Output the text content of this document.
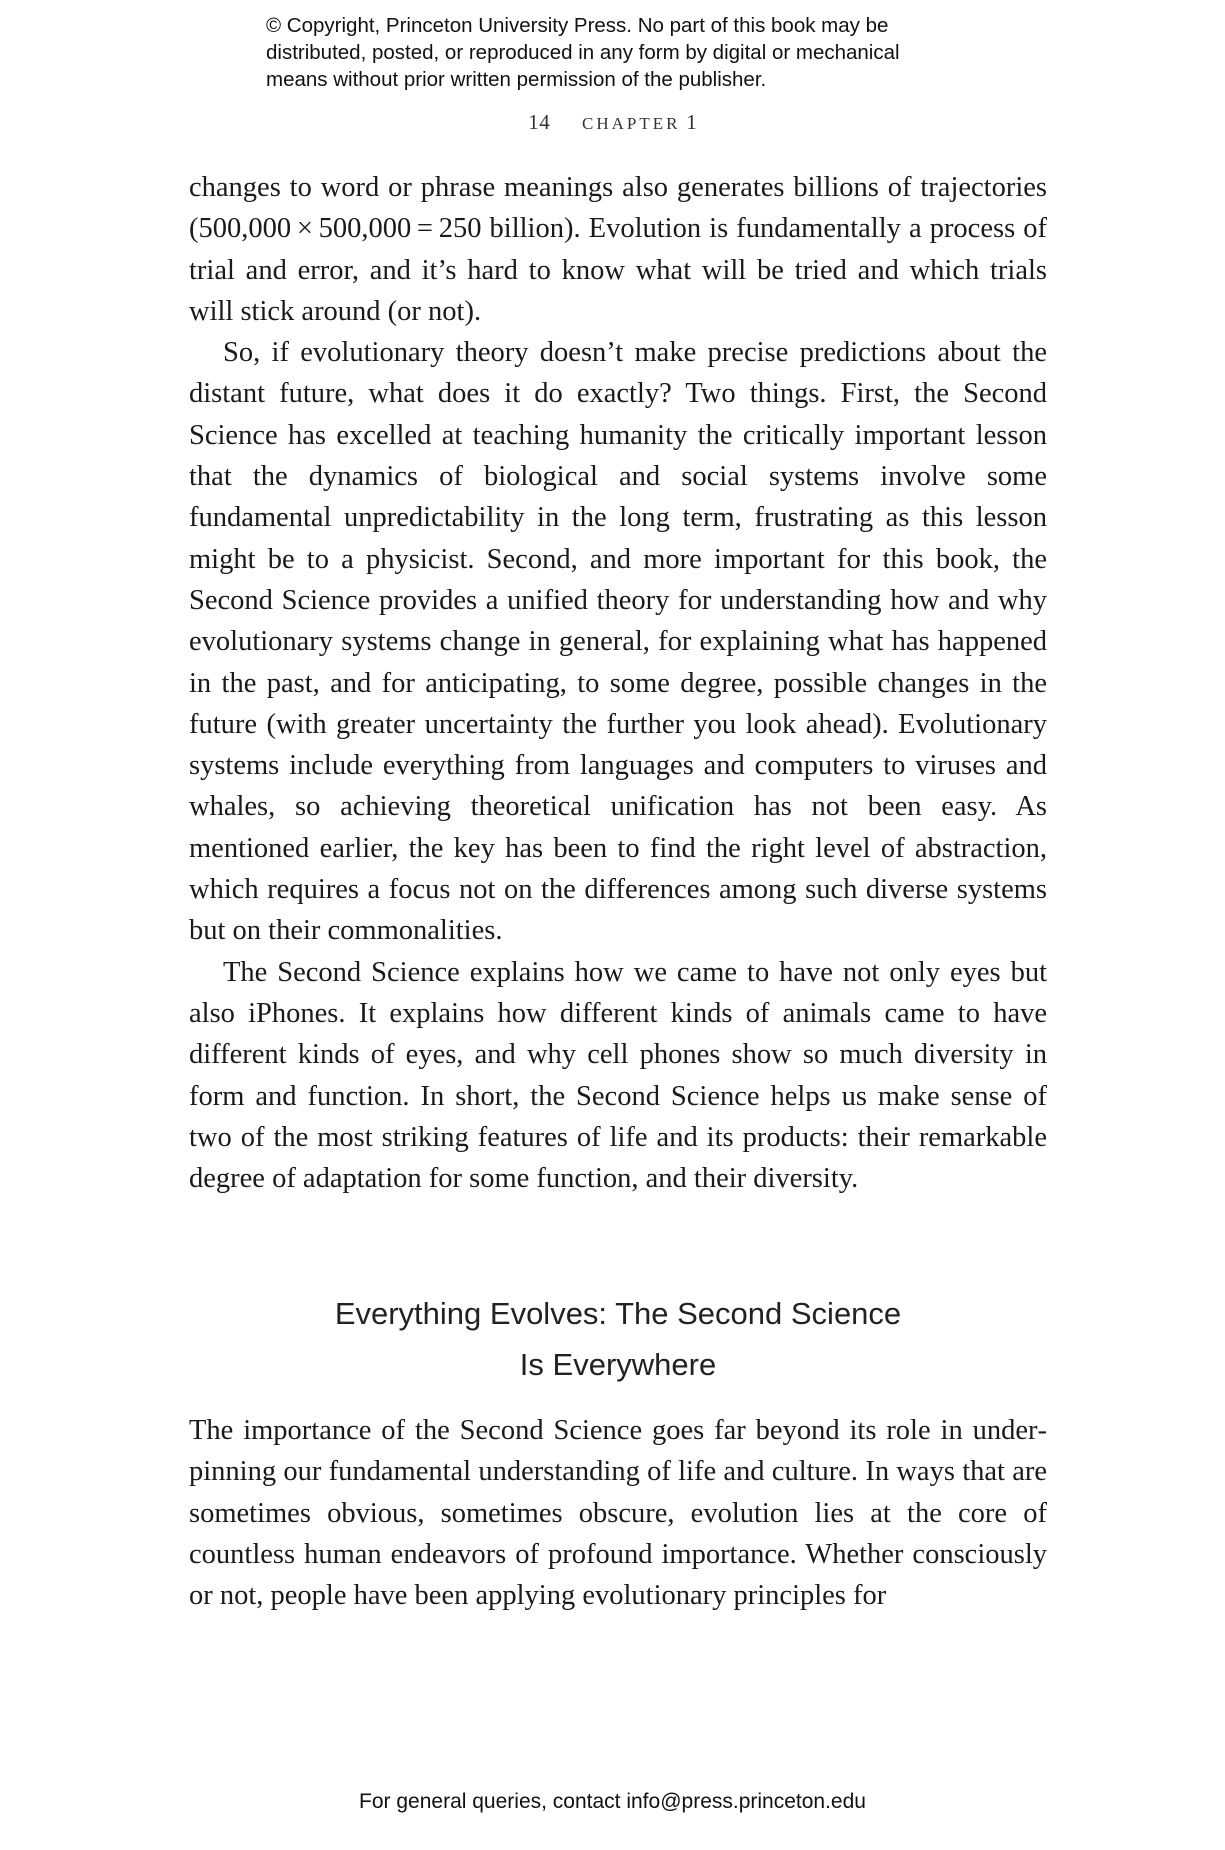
© Copyright, Princeton University Press. No part of this book may be
distributed, posted, or reproduced in any form by digital or mechanical
means without prior written permission of the publisher.
14 CHAPTER 1

changes to word or phrase meanings also generates billions of trajectories (500,000 × 500,000 = 250 billion). Evolution is fundamentally a process of trial and error, and it’s hard to know what will be tried and which trials will stick around (or not).

So, if evolutionary theory doesn’t make precise predictions about the distant future, what does it do exactly? Two things. First, the Second Science has excelled at teaching humanity the critically important lesson that the dynamics of biological and social systems involve some fundamental unpredictability in the long term, frustrating as this lesson might be to a physicist. Second, and more important for this book, the Second Science provides a unified theory for understanding how and why evolutionary systems change in general, for explaining what has happened in the past, and for anticipating, to some degree, possible changes in the future (with greater uncertainty the further you look ahead). Evolutionary systems include everything from languages and computers to viruses and whales, so achieving theoretical unification has not been easy. As mentioned earlier, the key has been to find the right level of abstraction, which requires a focus not on the differences among such diverse systems but on their commonalities.

The Second Science explains how we came to have not only eyes but also iPhones. It explains how different kinds of animals came to have different kinds of eyes, and why cell phones show so much diversity in form and function. In short, the Second Science helps us make sense of two of the most striking features of life and its products: their remarkable degree of adaptation for some function, and their diversity.

Everything Evolves: The Second Science
Is Everywhere

The importance of the Second Science goes far beyond its role in underpinning our fundamental understanding of life and culture. In ways that are sometimes obvious, sometimes obscure, evolution lies at the core of countless human endeavors of profound importance. Whether consciously or not, people have been applying evolutionary principles for

For general queries, contact info@press.princeton.edu
